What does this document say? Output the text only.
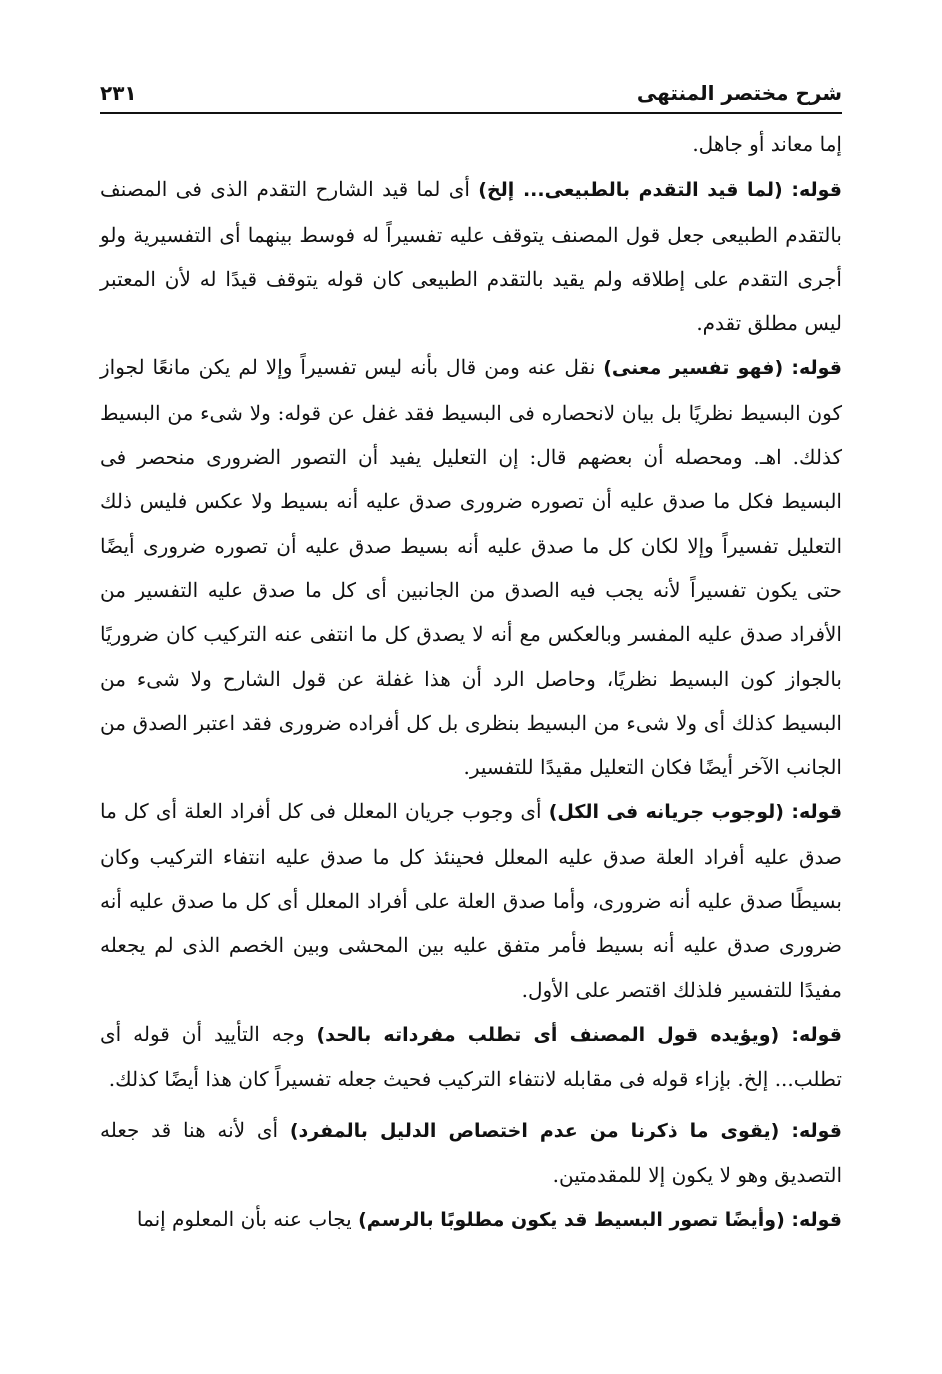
شرح مختصر المنتهى
٢٣١

إما معاند أو جاهل.

قوله: (لما قيد التقدم بالطبيعى... إلخ) أى لما قيد الشارح التقدم الذى فى المصنف بالتقدم الطبيعى جعل قول المصنف يتوقف عليه تفسيراً له فوسط بينهما أى التفسيرية ولو أجرى التقدم على إطلاقه ولم يقيد بالتقدم الطبيعى كان قوله يتوقف قيدًا له لأن المعتبر ليس مطلق تقدم.

قوله: (فهو تفسير معنى) نقل عنه ومن قال بأنه ليس تفسيراً وإلا لم يكن مانعًا لجواز كون البسيط نظريًا بل بيان لانحصاره فى البسيط فقد غفل عن قوله: ولا شىء من البسيط كذلك. اهـ. ومحصله أن بعضهم قال: إن التعليل يفيد أن التصور الضرورى منحصر فى البسيط فكل ما صدق عليه أن تصوره ضرورى صدق عليه أنه بسيط ولا عكس فليس ذلك التعليل تفسيراً وإلا لكان كل ما صدق عليه أنه بسيط صدق عليه أن تصوره ضرورى أيضًا حتى يكون تفسيراً لأنه يجب فيه الصدق من الجانبين أى كل ما صدق عليه التفسير من الأفراد صدق عليه المفسر وبالعكس مع أنه لا يصدق كل ما انتفى عنه التركيب كان ضروريًا بالجواز كون البسيط نظريًا، وحاصل الرد أن هذا غفلة عن قول الشارح ولا شىء من البسيط كذلك أى ولا شىء من البسيط بنظرى بل كل أفراده ضرورى فقد اعتبر الصدق من الجانب الآخر أيضًا فكان التعليل مقيدًا للتفسير.

قوله: (لوجوب جريانه فى الكل) أى وجوب جريان المعلل فى كل أفراد العلة أى كل ما صدق عليه أفراد العلة صدق عليه المعلل فحينئذ كل ما صدق عليه انتفاء التركيب وكان بسيطًا صدق عليه أنه ضرورى، وأما صدق العلة على أفراد المعلل أى كل ما صدق عليه أنه ضرورى صدق عليه أنه بسيط فأمر متفق عليه بين المحشى وبين الخصم الذى لم يجعله مفيدًا للتفسير فلذلك اقتصر على الأول.

قوله: (ويؤيده قول المصنف أى تطلب مفرداته بالحد) وجه التأييد أن قوله أى تطلب... إلخ. بإزاء قوله فى مقابله لانتفاء التركيب فحيث جعله تفسيراً كان هذا أيضًا كذلك.

قوله: (يقوى ما ذكرنا من عدم اختصاص الدليل بالمفرد) أى لأنه هنا قد جعله التصديق وهو لا يكون إلا للمقدمتين.

قوله: (وأيضًا تصور البسيط قد يكون مطلوبًا بالرسم) يجاب عنه بأن المعلوم إنما
